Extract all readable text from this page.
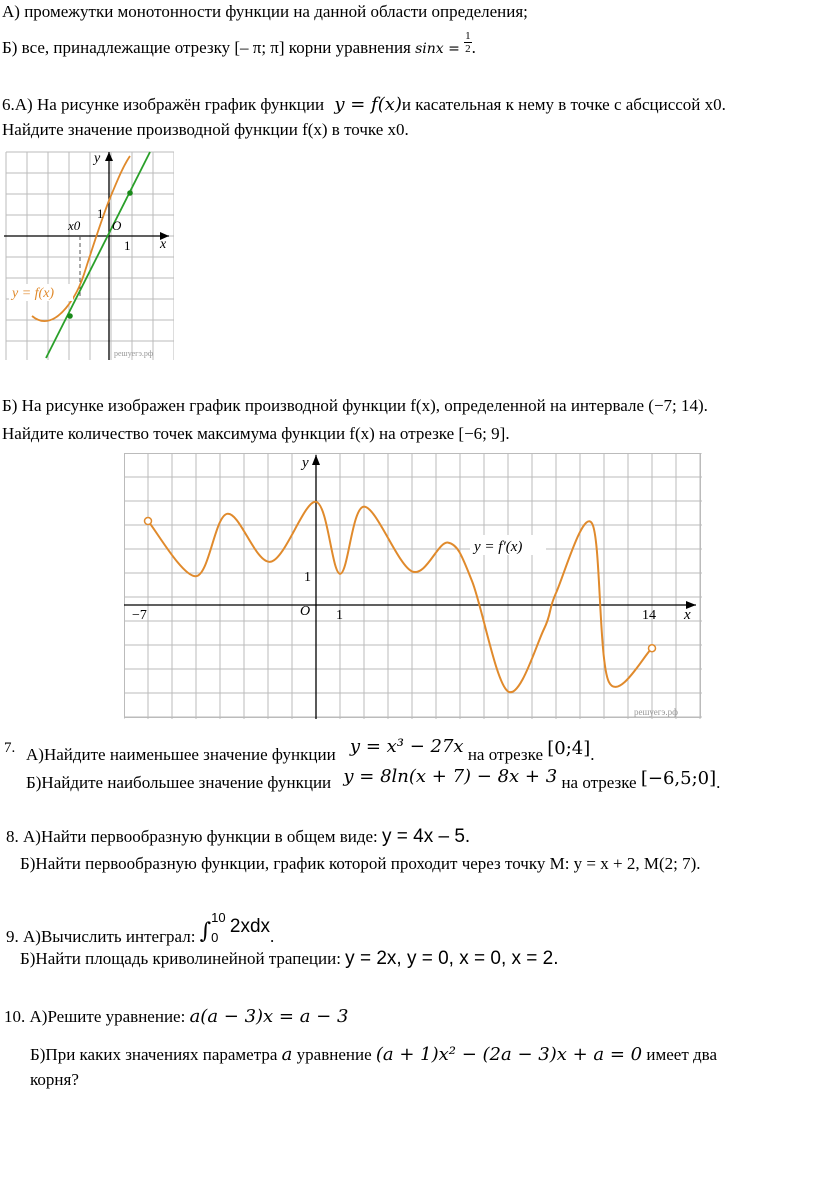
А) промежутки монотонности функции на данной области определения;
Б) все, принадлежащие отрезку [– π; π] корни уравнения $\sin x = \frac{1}{2}$ .
6.А) На рисунке изображён график функции y = f(x)и касательная к нему в точке с абсциссой x0.
Найдите значение производной функции f(x) в точке x0.
y
x
x0
1
1
O
y = f(x)
решуегэ.рф
Б) На рисунке изображен график производной функции f(x), определенной на интервале (−7; 14).
Найдите количество точек максимума функции f(x) на отрезке [−6; 9].
y
x
−7	14
1
1
O
y = f′(x)
решуегэ.рф
7. А)Найдите наименьшее значение функции y = x³ − 27x на отрезке [0;4].
Б)Найдите наибольшее значение функции y = 8ln(x + 7) − 8x + 3 на отрезке [−6,5;0].
8. А)Найти первообразную функции в общем виде: y = 4x – 5.
Б)Найти первообразную функции, график которой проходит через точку М: у = х + 2, М(2; 7).
9. А)Вычислить интеграл: ∫
10
0
2xdx.
Б)Найти площадь криволинейной трапеции: у = 2х, у = 0, х = 0, х = 2.
10. А)Решите уравнение: a(a − 3)x = a − 3
Б)При каких значениях параметра a уравнение (a + 1)x² − (2a − 3)x + a = 0 имеет два
корня?
